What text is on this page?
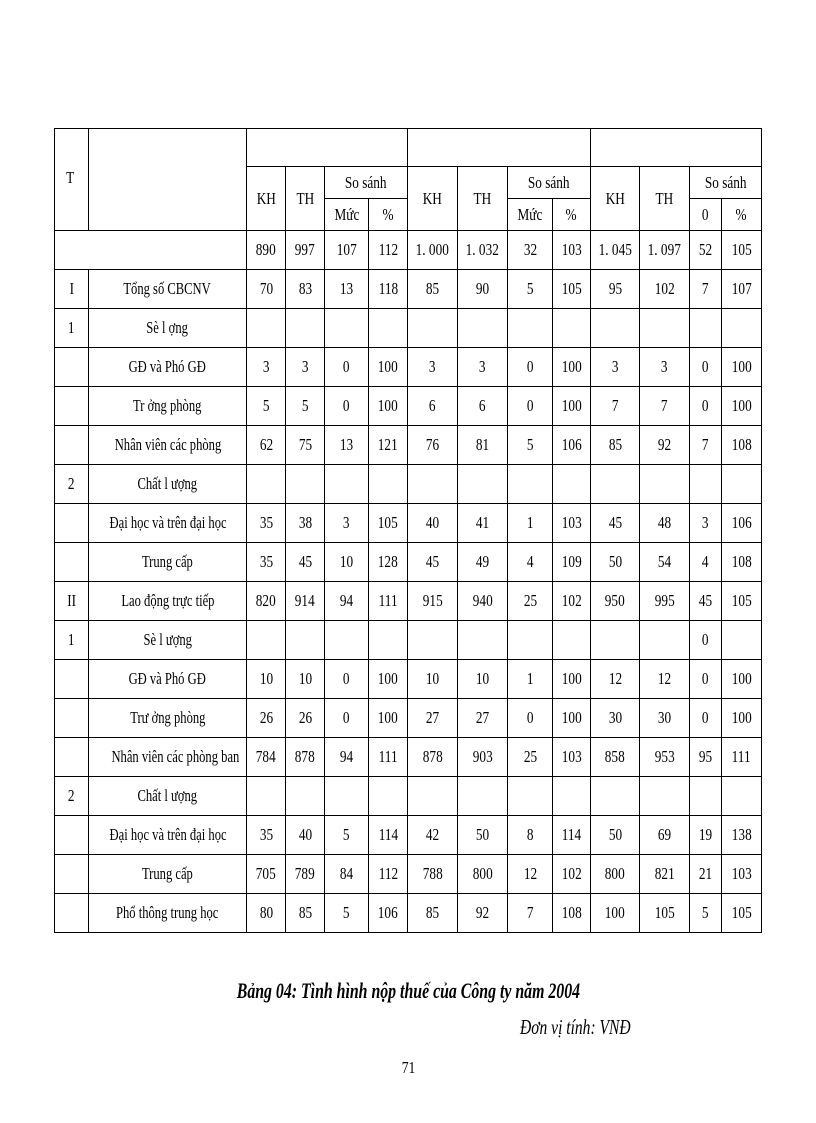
T													
		KH	TH	So sánh		KH	TH	So sánh		KH	TH	So sánh	
				Mức	%			Mức	%			0	%
		890	997	107	112	1. 000	1. 032	32	103	1. 045	1. 097	52	105
I	Tổng số CBCNV	70	83	13	118	85	90	5	105	95	102	7	107
1	Sè l ợng												
	GĐ và Phó GĐ	3	3	0	100	3	3	0	100	3	3	0	100
	Tr ởng phòng	5	5	0	100	6	6	0	100	7	7	0	100
	Nhân viên các phòng	62	75	13	121	76	81	5	106	85	92	7	108
2	Chất l ượng												
	Đại học và trên đại học	35	38	3	105	40	41	1	103	45	48	3	106
	Trung cấp	35	45	10	128	45	49	4	109	50	54	4	108
II	Lao động trực tiếp	820	914	94	111	915	940	25	102	950	995	45	105
1	Sè l ượng											0	
	GĐ và Phó GĐ	10	10	0	100	10	10	1	100	12	12	0	100
	Trư ởng phòng	26	26	0	100	27	27	0	100	30	30	0	100
	Nhân viên các phòng ban	784	878	94	111	878	903	25	103	858	953	95	111
2	Chất l ượng												
	Đại học và trên đại học	35	40	5	114	42	50	8	114	50	69	19	138
	Trung cấp	705	789	84	112	788	800	12	102	800	821	21	103
	Phổ thông trung học	80	85	5	106	85	92	7	108	100	105	5	105
Bảng 04: Tình hình nộp thuế của Công ty năm 2004
Đơn vị tính: VNĐ
71
